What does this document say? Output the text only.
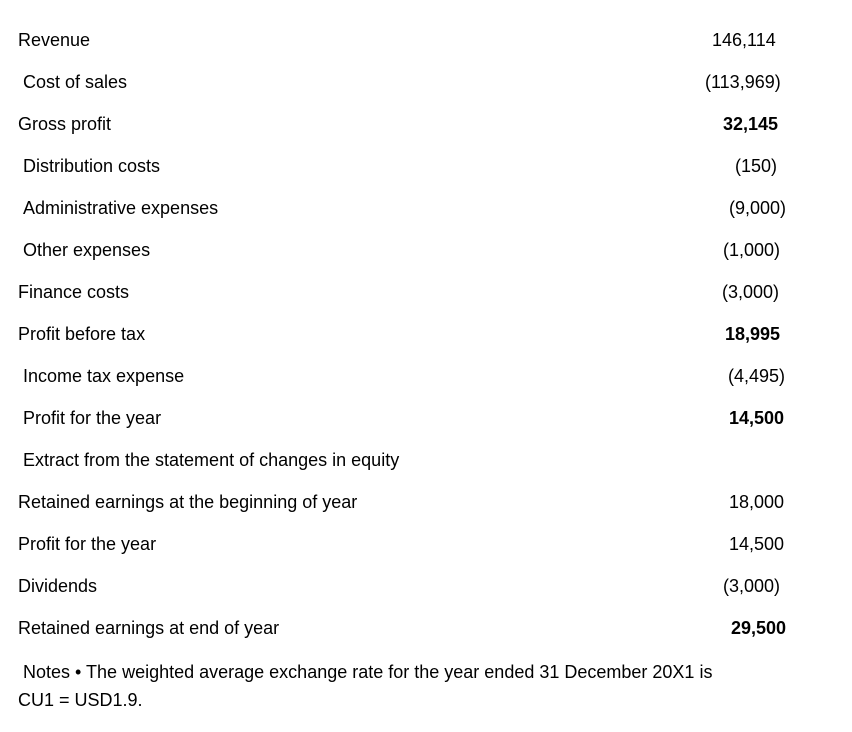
Revenue	146,114
Cost of sales	(113,969)
Gross profit	32,145
Distribution costs	(150)
Administrative expenses	(9,000)
Other expenses	(1,000)
Finance costs	(3,000)
Profit before tax	18,995
Income tax expense	(4,495)
Profit for the year	14,500
Extract from the statement of changes in equity
Retained earnings at the beginning of year	18,000
Profit for the year	14,500
Dividends	(3,000)
Retained earnings at end of year	29,500
Notes • The weighted average exchange rate for the year ended 31 December 20X1 is
CU1 = USD1.9.
